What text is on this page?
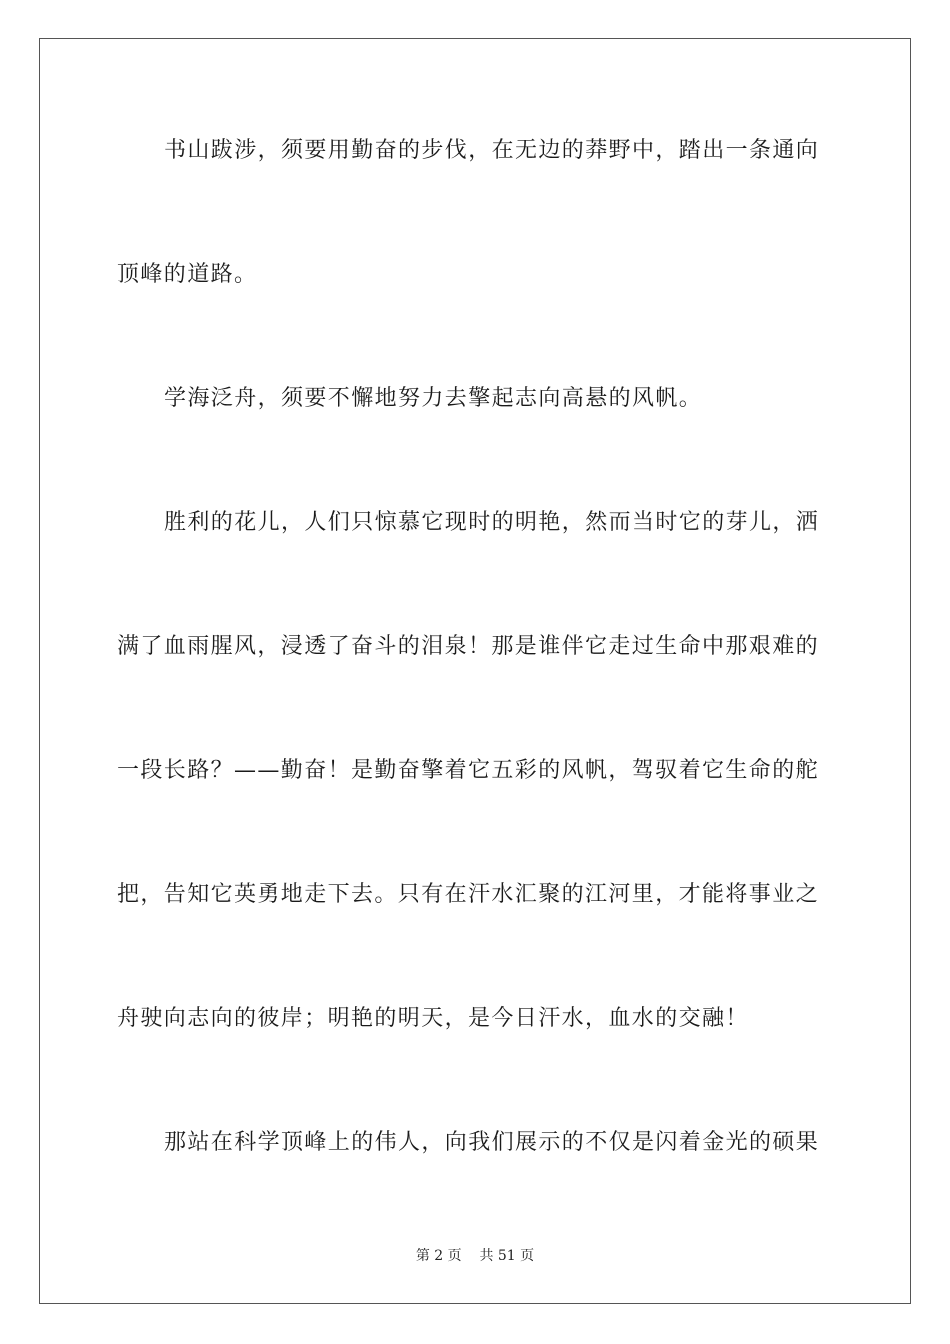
书山跋涉，须要用勤奋的步伐，在无边的莽野中，踏出一条通向
顶峰的道路。
学海泛舟，须要不懈地努力去擎起志向高悬的风帆。
胜利的花儿，人们只惊慕它现时的明艳，然而当时它的芽儿，洒
满了血雨腥风，浸透了奋斗的泪泉！那是谁伴它走过生命中那艰难的
一段长路？——勤奋！是勤奋擎着它五彩的风帆，驾驭着它生命的舵
把，告知它英勇地走下去。只有在汗水汇聚的江河里，才能将事业之
舟驶向志向的彼岸；明艳的明天，是今日汗水，血水的交融！
那站在科学顶峰上的伟人，向我们展示的不仅是闪着金光的硕果
第 2 页 共 51 页
